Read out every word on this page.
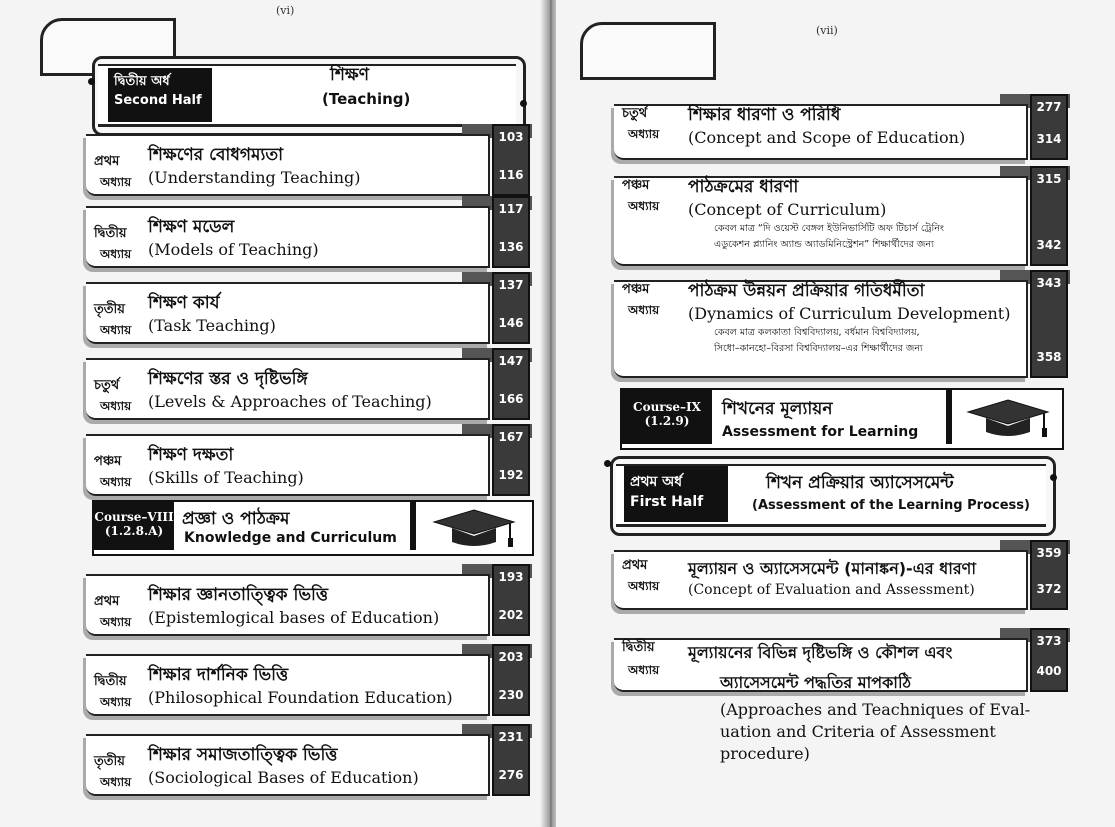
(vi)
দ্বিতীয় অর্ধ
Second Half
শিক্ষণ
(Teaching)
প্রথম
অধ্যায়
শিক্ষণের বোধগম্যতা
(Understanding Teaching)
103
116
দ্বিতীয়
অধ্যায়
শিক্ষণ মডেল
(Models of Teaching)
117
136
তৃতীয়
অধ্যায়
শিক্ষণ কার্য
(Task Teaching)
137
146
চতুর্থ
অধ্যায়
শিক্ষণের স্তর ও দৃষ্টিভঙ্গি
(Levels & Approaches of Teaching)
147
166
পঞ্চম
অধ্যায়
শিক্ষণ দক্ষতা
(Skills of Teaching)
167
192
Course–VIII
(1.2.8.A)
প্রজ্ঞা ও পাঠক্রম
Knowledge and Curriculum
প্রথম
অধ্যায়
শিক্ষার জ্ঞানতাত্ত্বিক ভিত্তি
(Epistemlogical bases of Education)
193
202
দ্বিতীয়
অধ্যায়
শিক্ষার দার্শনিক ভিত্তি
(Philosophical Foundation Education)
203
230
তৃতীয়
অধ্যায়
শিক্ষার সমাজতাত্ত্বিক ভিত্তি
(Sociological Bases of Education)
231
276
(vii)
চতুর্থ
অধ্যায়
শিক্ষার ধারণা ও পরিধি
(Concept and Scope of Education)
277
314
পঞ্চম
অধ্যায়
পাঠক্রমের ধারণা
(Concept of Curriculum)
কেবল মাত্র “দি ওয়েস্ট বেঙ্গল ইউনিভার্সিটি অফ টিচার্স ট্রেনিং
এডুকেশন প্ল্যানিং অ্যান্ড অ্যাডমিনিস্ট্রেশন” শিক্ষার্থীদের জন্য
315
342
পঞ্চম
অধ্যায়
পাঠক্রম উন্নয়ন প্রক্রিয়ার গতিধর্মীতা
(Dynamics of Curriculum Development)
কেবল মাত্র কলকাতা বিশ্ববিদ্যালয়, বর্ধমান বিশ্ববিদ্যালয়,
সিধো–কানহো–বিরসা বিশ্ববিদ্যালয়–এর শিক্ষার্থীদের জন্য
343
358
Course–IX
(1.2.9)
শিখনের মূল্যায়ন
Assessment for Learning
প্রথম অর্ধ
First Half
শিখন প্রক্রিয়ার অ্যাসেসমেন্ট
(Assessment of the Learning Process)
প্রথম
অধ্যায়
মূল্যায়ন ও অ্যাসেসমেন্ট (মানাঙ্কন)-এর ধারণা
(Concept of Evaluation and Assessment)
359
372
দ্বিতীয়
অধ্যায়
মূল্যায়নের বিভিন্ন দৃষ্টিভঙ্গি ও কৌশল এবং
অ্যাসেসমেন্ট পদ্ধতির মাপকাঠি
(Approaches and Teachniques of Eval-
uation and Criteria of Assessment
procedure)
373
400
